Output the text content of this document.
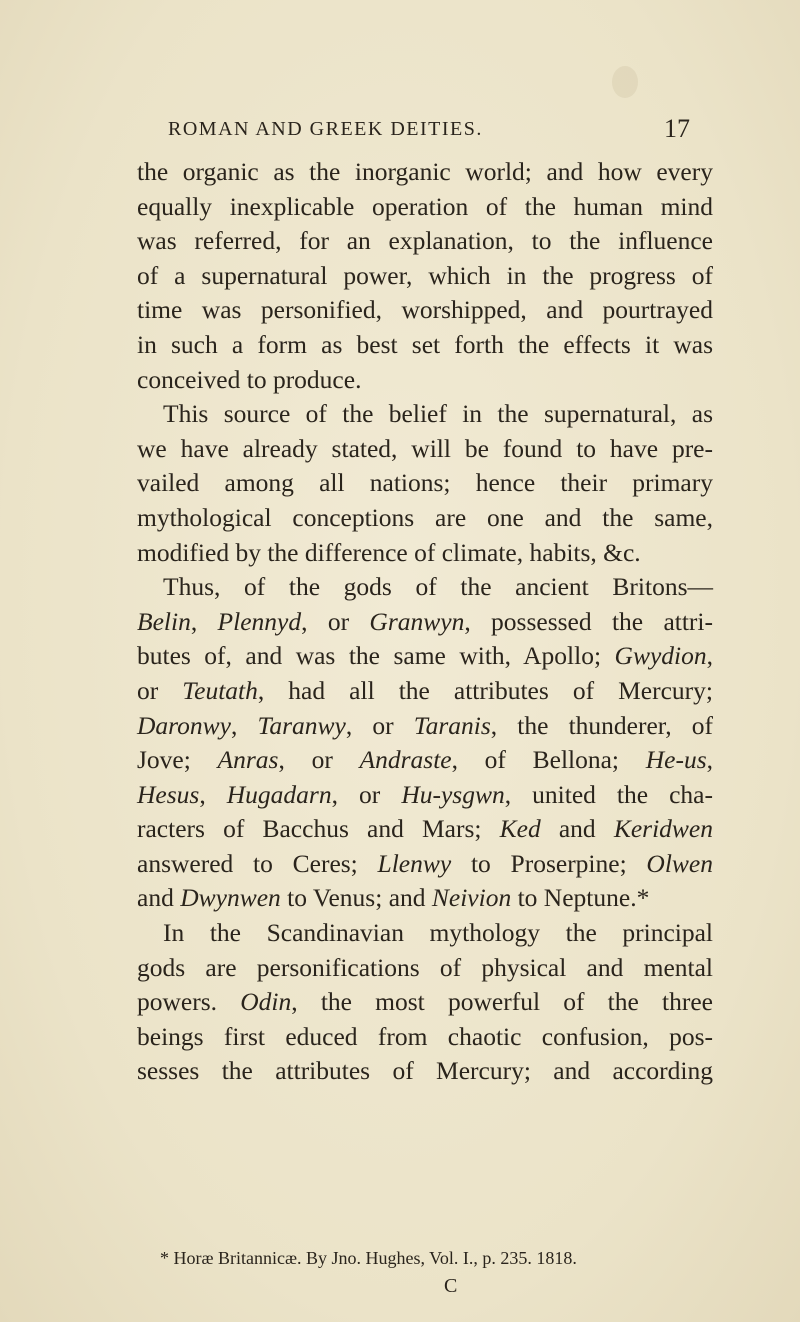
ROMAN AND GREEK DEITIES.	17
the organic as the inorganic world; and how every
equally inexplicable operation of the human mind
was referred, for an explanation, to the influence
of a supernatural power, which in the progress of
time was personified, worshipped, and pourtrayed
in such a form as best set forth the effects it was
conceived to produce.
This source of the belief in the supernatural, as
we have already stated, will be found to have pre-
vailed among all nations; hence their primary
mythological conceptions are one and the same,
modified by the difference of climate, habits, &c.
Thus, of the gods of the ancient Britons—
Belin, Plennyd, or Granwyn, possessed the attri-
butes of, and was the same with, Apollo; Gwydion,
or Teutath, had all the attributes of Mercury;
Daronwy, Taranwy, or Taranis, the thunderer, of
Jove; Anras, or Andraste, of Bellona; He-us,
Hesus, Hugadarn, or Hu-ysgwn, united the cha-
racters of Bacchus and Mars; Ked and Keridwen
answered to Ceres; Llenwy to Proserpine; Olwen
and Dwynwen to Venus; and Neivion to Neptune.*
In the Scandinavian mythology the principal
gods are personifications of physical and mental
powers. Odin, the most powerful of the three
beings first educed from chaotic confusion, pos-
sesses the attributes of Mercury; and according
* Horæ Britannicæ. By Jno. Hughes, Vol. I., p. 235. 1818.
C
